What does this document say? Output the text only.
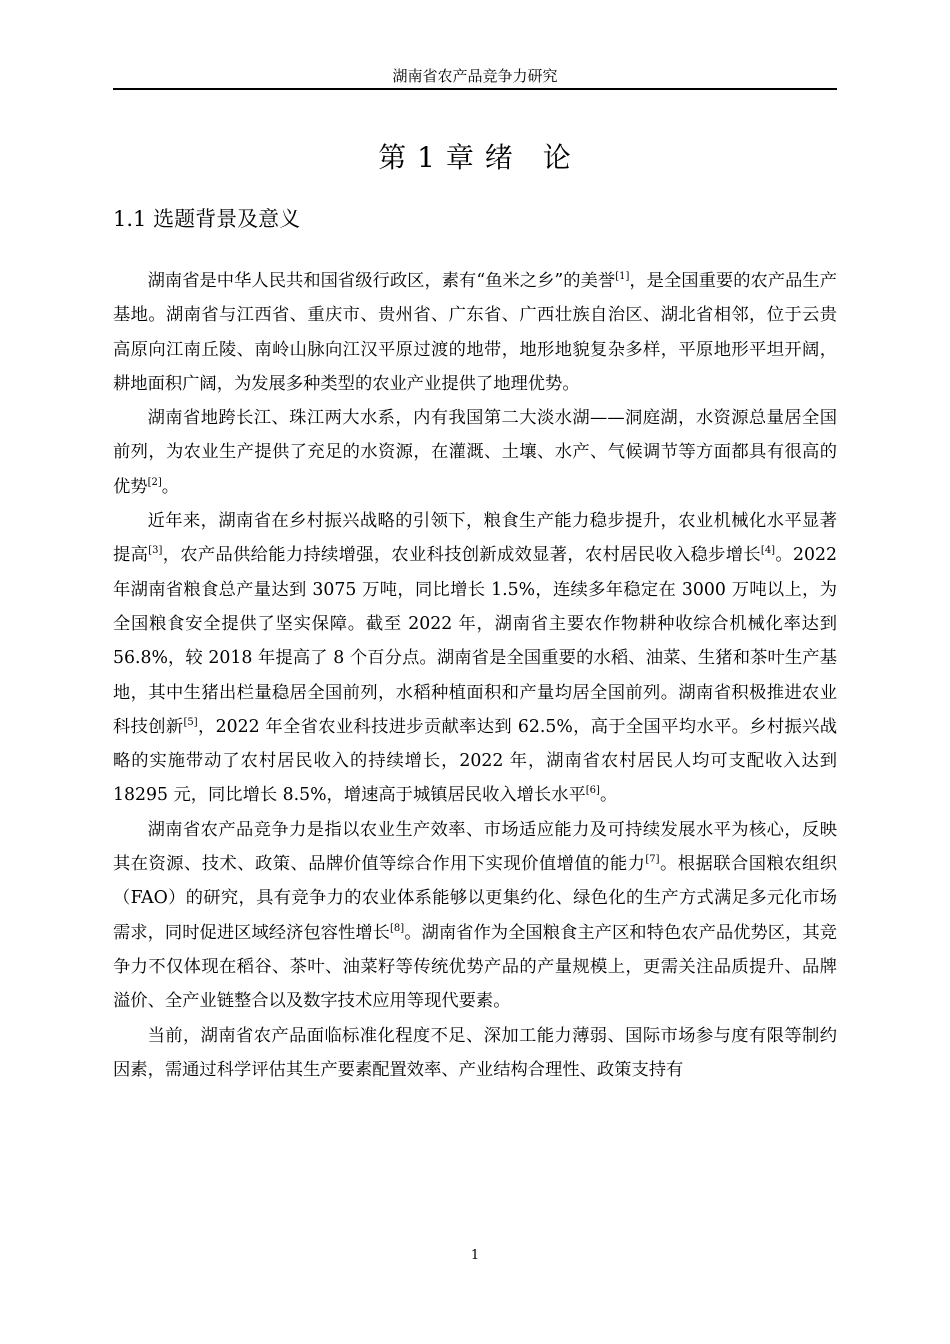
湖南省农产品竞争力研究
第 1 章 绪　论
1.1 选题背景及意义

湖南省是中华人民共和国省级行政区，素有“鱼米之乡”的美誉[1]，是全国重要的农产品生产基地。湖南省与江西省、重庆市、贵州省、广东省、广西壮族自治区、湖北省相邻，位于云贵高原向江南丘陵、南岭山脉向江汉平原过渡的地带，地形地貌复杂多样，平原地形平坦开阔，耕地面积广阔，为发展多种类型的农业产业提供了地理优势。

湖南省地跨长江、珠江两大水系，内有我国第二大淡水湖——洞庭湖，水资源总量居全国前列，为农业生产提供了充足的水资源，在灌溉、土壤、水产、气候调节等方面都具有很高的优势[2]。

近年来，湖南省在乡村振兴战略的引领下，粮食生产能力稳步提升，农业机械化水平显著提高[3]，农产品供给能力持续增强，农业科技创新成效显著，农村居民收入稳步增长[4]。2022 年湖南省粮食总产量达到 3075 万吨，同比增长 1.5%，连续多年稳定在 3000 万吨以上，为全国粮食安全提供了坚实保障。截至 2022 年，湖南省主要农作物耕种收综合机械化率达到 56.8%，较 2018 年提高了 8 个百分点。湖南省是全国重要的水稻、油菜、生猪和茶叶生产基地，其中生猪出栏量稳居全国前列，水稻种植面积和产量均居全国前列。湖南省积极推进农业科技创新[5]，2022 年全省农业科技进步贡献率达到 62.5%，高于全国平均水平。乡村振兴战略的实施带动了农村居民收入的持续增长，2022 年，湖南省农村居民人均可支配收入达到 18295 元，同比增长 8.5%，增速高于城镇居民收入增长水平[6]。

湖南省农产品竞争力是指以农业生产效率、市场适应能力及可持续发展水平为核心，反映其在资源、技术、政策、品牌价值等综合作用下实现价值增值的能力[7]。根据联合国粮农组织（FAO）的研究，具有竞争力的农业体系能够以更集约化、绿色化的生产方式满足多元化市场需求，同时促进区域经济包容性增长[8]。湖南省作为全国粮食主产区和特色农产品优势区，其竞争力不仅体现在稻谷、茶叶、油菜籽等传统优势产品的产量规模上，更需关注品质提升、品牌溢价、全产业链整合以及数字技术应用等现代要素。

当前，湖南省农产品面临标准化程度不足、深加工能力薄弱、国际市场参与度有限等制约因素，需通过科学评估其生产要素配置效率、产业结构合理性、政策支持有

1
